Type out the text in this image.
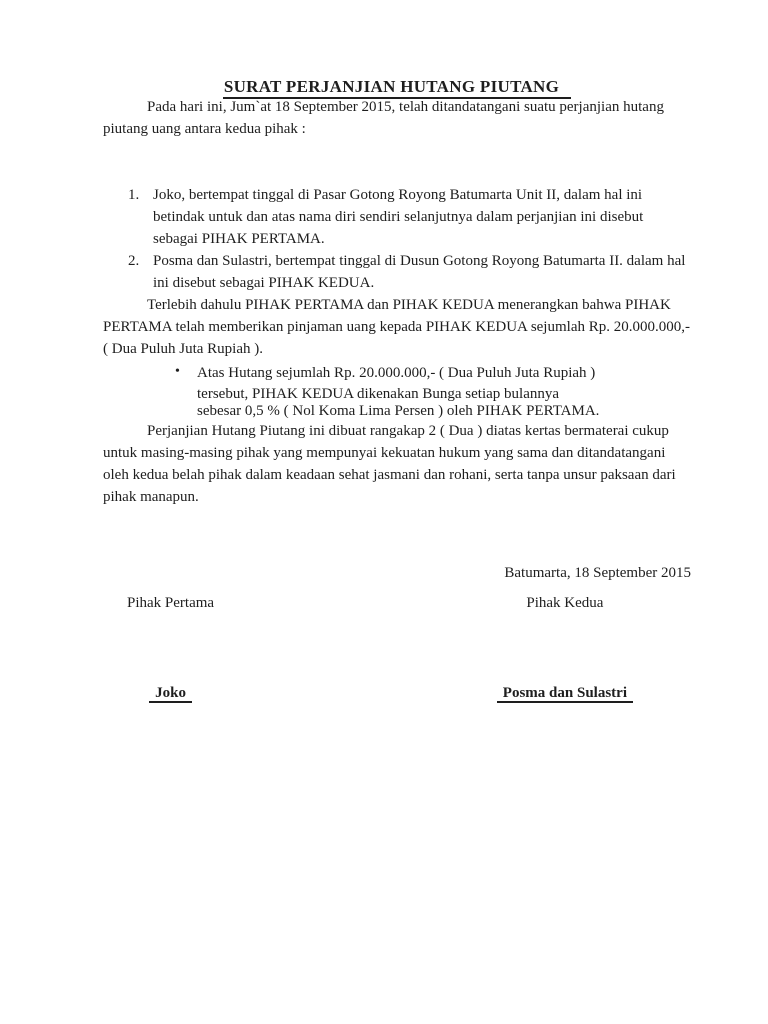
SURAT PERJANJIAN HUTANG PIUTANG

Pada hari ini, Jum`at 18 September 2015, telah ditandatangani suatu perjanjian hutang piutang uang antara kedua pihak :

1. Joko, bertempat tinggal di Pasar Gotong Royong Batumarta Unit II, dalam hal ini betindak untuk dan atas nama diri sendiri selanjutnya dalam perjanjian ini disebut sebagai PIHAK PERTAMA.
2. Posma dan Sulastri, bertempat tinggal di Dusun Gotong Royong Batumarta II. dalam hal ini disebut sebagai PIHAK KEDUA.

Terlebih dahulu PIHAK PERTAMA dan PIHAK KEDUA menerangkan bahwa PIHAK PERTAMA telah memberikan pinjaman uang kepada PIHAK KEDUA sejumlah Rp. 20.000.000,- ( Dua Puluh Juta Rupiah ).

• Atas Hutang sejumlah Rp. 20.000.000,- ( Dua Puluh Juta Rupiah )
tersebut, PIHAK KEDUA dikenakan Bunga setiap bulannya
sebesar 0,5 % ( Nol Koma Lima Persen ) oleh PIHAK PERTAMA.

Perjanjian Hutang Piutang ini dibuat rangakap 2 ( Dua ) diatas kertas bermaterai cukup untuk masing-masing pihak yang mempunyai kekuatan hukum yang sama dan ditandatangani oleh kedua belah pihak dalam keadaan sehat jasmani dan rohani, serta tanpa unsur paksaan dari pihak manapun.

Batumarta, 18 September 2015
Pihak Pertama
Joko
Pihak Kedua
Posma dan Sulastri
